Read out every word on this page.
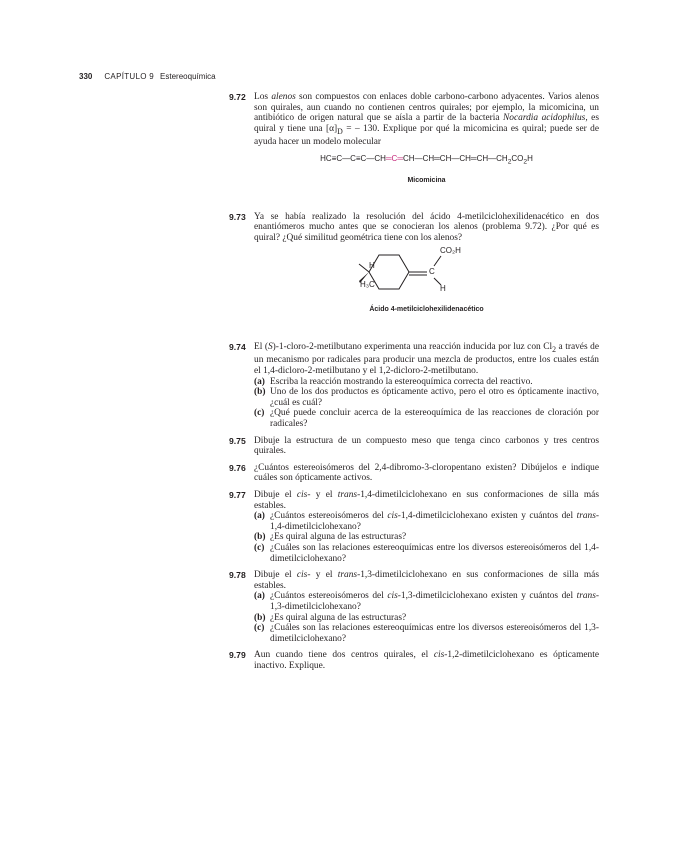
330 CAPÍTULO 9 Estereoquímica
9.72 Los alenos son compuestos con enlaces doble carbono-carbono adyacentes. Varios alenos son quirales, aun cuando no contienen centros quirales; por ejemplo, la micomicina, un antibiótico de origen natural que se aísla a partir de la bacteria Nocardia acidophilus, es quiral y tiene una $[\alpha]_D$ = – 130. Explique por qué la micomicina es quiral; puede ser de ayuda hacer un modelo molecular
$HC\equiv C—C\equiv C—CH═C═CH—CH═CH—CH═CH—CH_2CO_2H$
Micomicina
9.73 Ya se había realizado la resolución del ácido 4-metilciclohexilidenacético en dos enantiómeros mucho antes que se conocieran los alenos (problema 9.72). ¿Por qué es quiral? ¿Qué similitud geométrica tiene con los alenos?
H
H₃C
CO₂H
C
H
Ácido 4-metilciclohexilidenacético
9.74 El (S)-1-cloro-2-metilbutano experimenta una reacción inducida por luz con $Cl_2$ a través de un mecanismo por radicales para producir una mezcla de productos, entre los cuales están el 1,4-dicloro-2-metilbutano y el 1,2-dicloro-2-metilbutano.
(a) Escriba la reacción mostrando la estereoquímica correcta del reactivo.
(b) Uno de los dos productos es ópticamente activo, pero el otro es ópticamente inactivo, ¿cuál es cuál?
(c) ¿Qué puede concluir acerca de la estereoquímica de las reacciones de cloración por radicales?
9.75 Dibuje la estructura de un compuesto meso que tenga cinco carbonos y tres centros quirales.
9.76 ¿Cuántos estereoisómeros del 2,4-dibromo-3-cloropentano existen? Dibújelos e indique cuáles son ópticamente activos.
9.77 Dibuje el cis- y el trans-1,4-dimetilciclohexano en sus conformaciones de silla más estables.
(a) ¿Cuántos estereoisómeros del cis-1,4-dimetilciclohexano existen y cuántos del trans-1,4-dimetilciclohexano?
(b) ¿Es quiral alguna de las estructuras?
(c) ¿Cuáles son las relaciones estereoquímicas entre los diversos estereoisómeros del 1,4-dimetilciclohexano?
9.78 Dibuje el cis- y el trans-1,3-dimetilciclohexano en sus conformaciones de silla más estables.
(a) ¿Cuántos estereoisómeros del cis-1,3-dimetilciclohexano existen y cuántos del trans-1,3-dimetilciclohexano?
(b) ¿Es quiral alguna de las estructuras?
(c) ¿Cuáles son las relaciones estereoquímicas entre los diversos estereoisómeros del 1,3-dimetilciclohexano?
9.79 Aun cuando tiene dos centros quirales, el cis-1,2-dimetilciclohexano es ópticamente inactivo. Explique.
